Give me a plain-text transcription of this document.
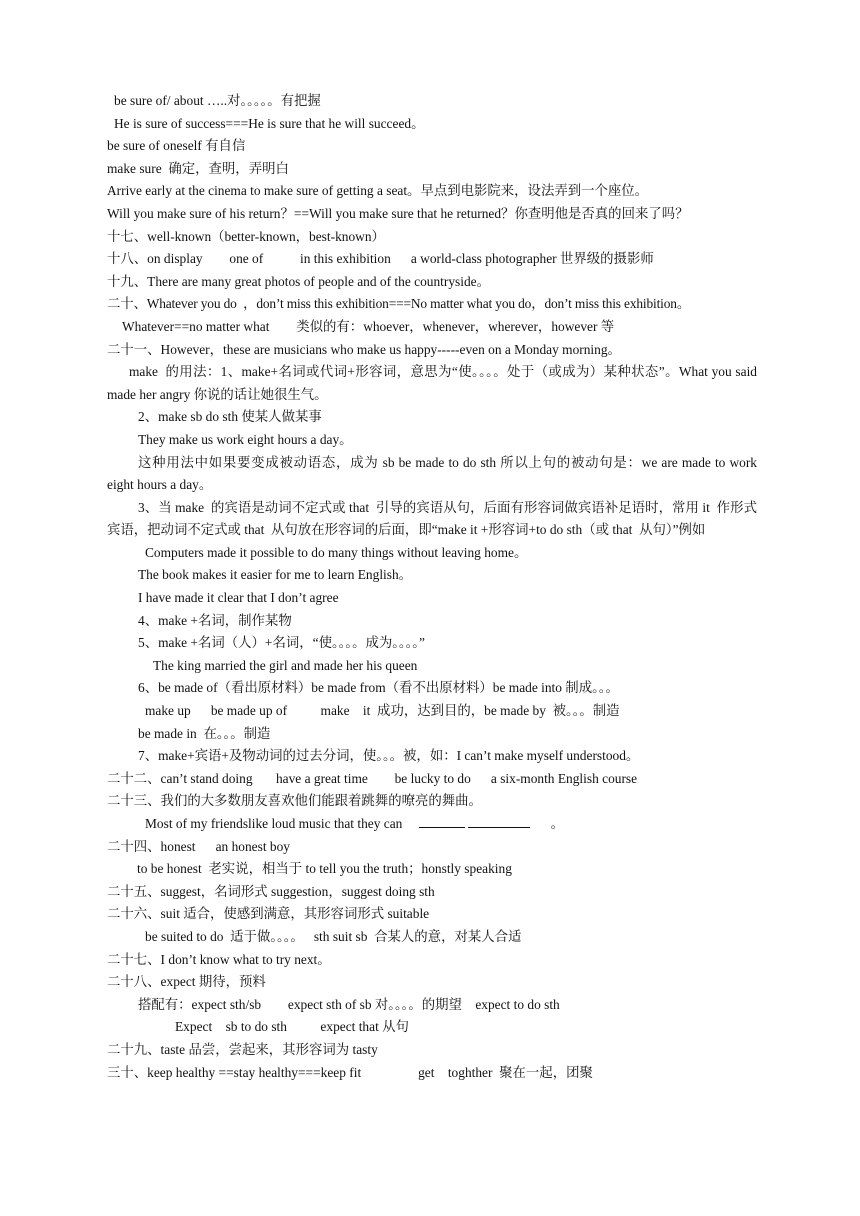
be sure of/ about …..对。。。。。有把握
He is sure of success===He is sure that he will succeed。
be sure of oneself 有自信
make sure  确定，查明，弄明白
Arrive early at the cinema to make sure of getting a seat。早点到电影院来，设法弄到一个座位。
Will you make sure of his return？==Will you make sure that he returned？你查明他是否真的回来了吗？
十七、well-known（better-known，best-known）
十八、on display        one of           in this exhibition      a world-class photographer 世界级的摄影师
十九、There are many great photos of people and of the countryside。
二十、Whatever you do  ，don’t miss this exhibition===No matter what you do，don’t miss this exhibition。
Whatever==no matter what        类似的有：whoever，whenever，wherever，however 等
二十一、However，these are musicians who make us happy-----even on a Monday morning。
make  的用法：1、make+名词或代词+形容词，意思为“使。。。。处于（或成为）某种状态”。What you said made her angry 你说的话让她很生气。
2、make sb do sth 使某人做某事
They make us work eight hours a day。
这种用法中如果要变成被动语态，成为 sb be made to do sth 所以上句的被动句是：we are made to work eight hours a day。
3、当 make  的宾语是动词不定式或 that  引导的宾语从句，后面有形容词做宾语补足语时，常用 it  作形式宾语，把动词不定式或 that  从句放在形容词的后面，即“make it +形容词+to do sth（或 that  从句）”例如
Computers made it possible to do many things without leaving home。
The book makes it easier for me to learn English。
I have made it clear that I don’t agree
4、make +名词，制作某物
5、make +名词（人）+名词，“使。。。。成为。。。。”
The king married the girl and made her his queen
6、be made of（看出原材料）be made from（看不出原材料）be made into 制成。。。
make up      be made up of          make    it  成功，达到目的，be made by  被。。。制造
be made in  在。。。制造
7、make+宾语+及物动词的过去分词，使。。。被，如：I can’t make myself understood。
二十二、can’t stand doing       have a great time        be lucky to do      a six-month English course
二十三、我们的大多数朋友喜欢他们能跟着跳舞的嘹亮的舞曲。
Most of my friendslike loud music that they can	。
二十四、honest      an honest boy
to be honest  老实说，相当于 to tell you the truth；honstly speaking
二十五、suggest，名词形式 suggestion，suggest doing sth
二十六、suit 适合，使感到满意，其形容词形式 suitable
be suited to do  适于做。。。。   sth suit sb  合某人的意，对某人合适
二十七、I don’t know what to try next。
二十八、expect 期待，预料
搭配有：expect sth/sb        expect sth of sb 对。。。。的期望    expect to do sth
Expect    sb to do sth          expect that 从句
二十九、taste 品尝，尝起来，其形容词为 tasty
三十、keep healthy ==stay healthy===keep fit                 get    toghther  聚在一起，团聚
